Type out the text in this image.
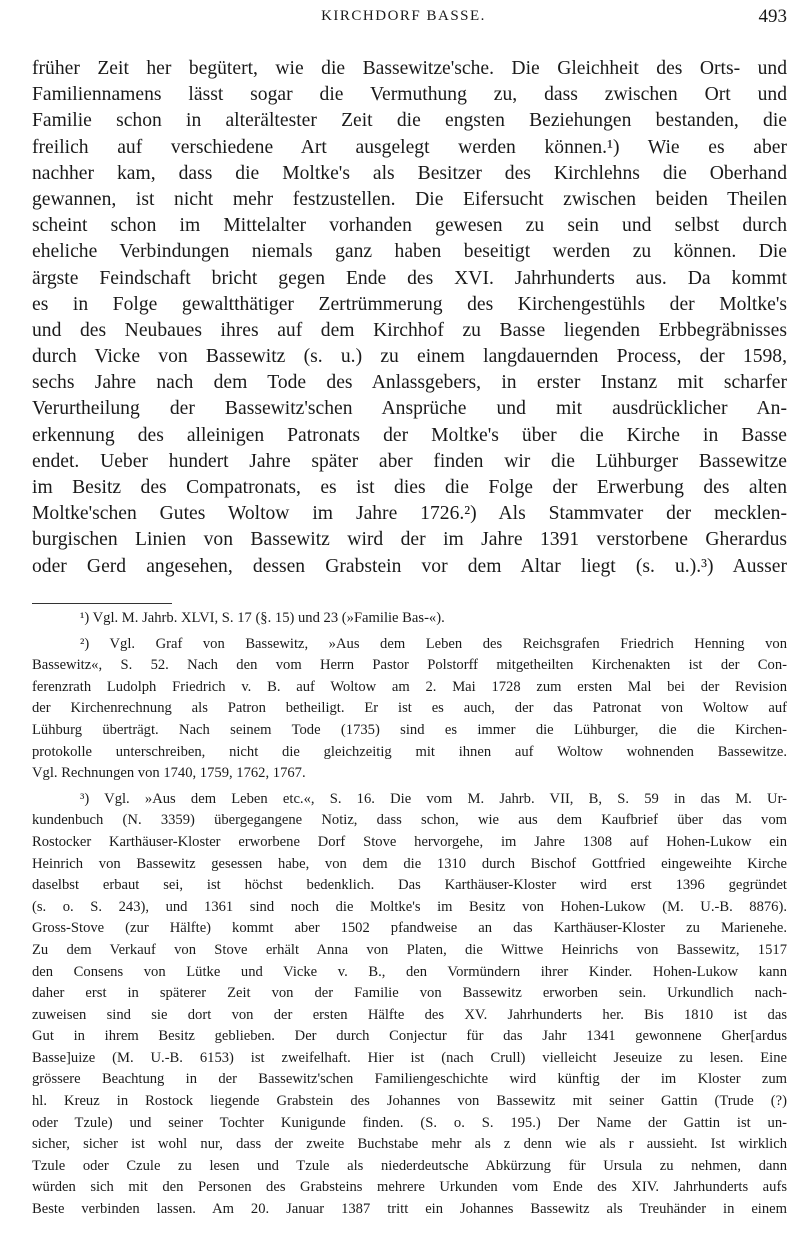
KIRCHDORF BASSE.	493
früher Zeit her begütert, wie die Bassewitze'sche. Die Gleichheit des Orts- und
Familiennamens lässt sogar die Vermuthung zu, dass zwischen Ort und
Familie schon in alterältester Zeit die engsten Beziehungen bestanden, die
freilich auf verschiedene Art ausgelegt werden können.¹) Wie es aber
nachher kam, dass die Moltke's als Besitzer des Kirchlehns die Oberhand
gewannen, ist nicht mehr festzustellen. Die Eifersucht zwischen beiden Theilen
scheint schon im Mittelalter vorhanden gewesen zu sein und selbst durch
eheliche Verbindungen niemals ganz haben beseitigt werden zu können. Die
ärgste Feindschaft bricht gegen Ende des XVI. Jahrhunderts aus. Da kommt
es in Folge gewaltthätiger Zertrümmerung des Kirchengestühls der Moltke's
und des Neubaues ihres auf dem Kirchhof zu Basse liegenden Erbbegräbnisses
durch Vicke von Bassewitz (s. u.) zu einem langdauernden Process, der 1598,
sechs Jahre nach dem Tode des Anlassgebers, in erster Instanz mit scharfer
Verurtheilung der Bassewitz'schen Ansprüche und mit ausdrücklicher An-
erkennung des alleinigen Patronats der Moltke's über die Kirche in Basse
endet. Ueber hundert Jahre später aber finden wir die Lühburger Bassewitze
im Besitz des Compatronats, es ist dies die Folge der Erwerbung des alten
Moltke'schen Gutes Woltow im Jahre 1726.²) Als Stammvater der mecklen-
burgischen Linien von Bassewitz wird der im Jahre 1391 verstorbene Gherardus
oder Gerd angesehen, dessen Grabstein vor dem Altar liegt (s. u.).³) Ausser
¹) Vgl. M. Jahrb. XLVI, S. 17 (§. 15) und 23 (»Familie Bas-«).
²) Vgl. Graf von Bassewitz, »Aus dem Leben des Reichsgrafen Friedrich Henning von
Bassewitz«, S. 52. Nach den vom Herrn Pastor Polstorff mitgetheilten Kirchenakten ist der Con-
ferenzrath Ludolph Friedrich v. B. auf Woltow am 2. Mai 1728 zum ersten Mal bei der Revision
der Kirchenrechnung als Patron betheiligt. Er ist es auch, der das Patronat von Woltow auf
Lühburg überträgt. Nach seinem Tode (1735) sind es immer die Lühburger, die die Kirchen-
protokolle unterschreiben, nicht die gleichzeitig mit ihnen auf Woltow wohnenden Bassewitze.
Vgl. Rechnungen von 1740, 1759, 1762, 1767.
³) Vgl. »Aus dem Leben etc.«, S. 16. Die vom M. Jahrb. VII, B, S. 59 in das M. Ur-
kundenbuch (N. 3359) übergegangene Notiz, dass schon, wie aus dem Kaufbrief über das vom
Rostocker Karthäuser-Kloster erworbene Dorf Stove hervorgehe, im Jahre 1308 auf Hohen-Lukow ein
Heinrich von Bassewitz gesessen habe, von dem die 1310 durch Bischof Gottfried eingeweihte Kirche
daselbst erbaut sei, ist höchst bedenklich. Das Karthäuser-Kloster wird erst 1396 gegründet
(s. o. S. 243), und 1361 sind noch die Moltke's im Besitz von Hohen-Lukow (M. U.-B. 8876).
Gross-Stove (zur Hälfte) kommt aber 1502 pfandweise an das Karthäuser-Kloster zu Marienehe.
Zu dem Verkauf von Stove erhält Anna von Platen, die Wittwe Heinrichs von Bassewitz, 1517
den Consens von Lütke und Vicke v. B., den Vormündern ihrer Kinder. Hohen-Lukow kann
daher erst in späterer Zeit von der Familie von Bassewitz erworben sein. Urkundlich nach-
zuweisen sind sie dort von der ersten Hälfte des XV. Jahrhunderts her. Bis 1810 ist das
Gut in ihrem Besitz geblieben. Der durch Conjectur für das Jahr 1341 gewonnene Gher[ardus
Basse]uize (M. U.-B. 6153) ist zweifelhaft. Hier ist (nach Crull) vielleicht Jeseuize zu lesen. Eine
grössere Beachtung in der Bassewitz'schen Familiengeschichte wird künftig der im Kloster zum
hl. Kreuz in Rostock liegende Grabstein des Johannes von Bassewitz mit seiner Gattin (Trude (?)
oder Tzule) und seiner Tochter Kunigunde finden. (S. o. S. 195.) Der Name der Gattin ist un-
sicher, sicher ist wohl nur, dass der zweite Buchstabe mehr als z denn wie als r aussieht. Ist wirklich
Tzule oder Czule zu lesen und Tzule als niederdeutsche Abkürzung für Ursula zu nehmen, dann
würden sich mit den Personen des Grabsteins mehrere Urkunden vom Ende des XIV. Jahrhunderts aufs
Beste verbinden lassen. Am 20. Januar 1387 tritt ein Johannes Bassewitz als Treuhänder in einem
